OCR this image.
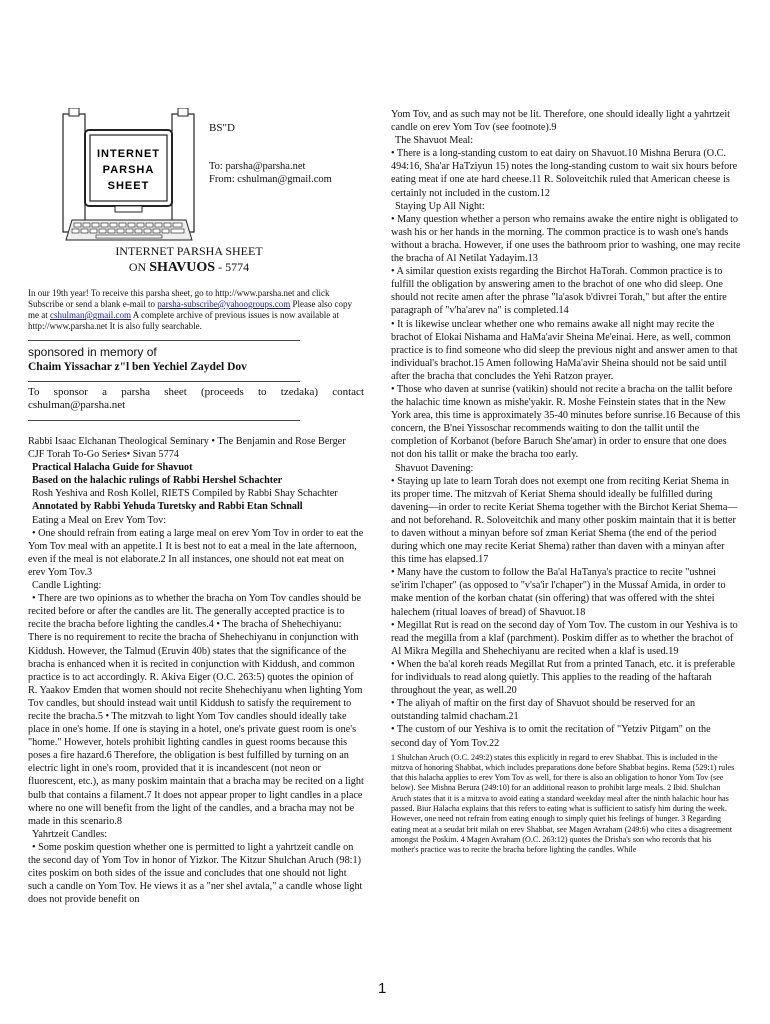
INTERNET
PARSHA
SHEET
BS"D
To: parsha@parsha.net
From: cshulman@gmail.com
INTERNET PARSHA SHEET
ON SHAVUOS - 5774

In our 19th year! To receive this parsha sheet, go to http://www.parsha.net and click Subscribe or send a blank e-mail to parsha-subscribe@yahoogroups.com Please also copy me at cshulman@gmail.com A complete archive of previous issues is now available at http://www.parsha.net It is also fully searchable.

sponsored in memory of

Chaim Yissachar z"l ben Yechiel Zaydel Dov

To sponsor a parsha sheet (proceeds to tzedaka) contact cshulman@parsha.net

Rabbi Isaac Elchanan Theological Seminary • The Benjamin and Rose Berger CJF Torah To-Go Series• Sivan 5774

Practical Halacha Guide for Shavuot

Based on the halachic rulings of Rabbi Hershel Schachter

Rosh Yeshiva and Rosh Kollel, RIETS Compiled by Rabbi Shay Schachter

Annotated by Rabbi Yehuda Turetsky and Rabbi Etan Schnall

Eating a Meal on Erev Yom Tov:

• One should refrain from eating a large meal on erev Yom Tov in order to eat the Yom Tov meal with an appetite.1 It is best not to eat a meal in the late afternoon, even if the meal is not elaborate.2 In all instances, one should not eat meat on erev Yom Tov.3

Candle Lighting:

• There are two opinions as to whether the bracha on Yom Tov candles should be recited before or after the candles are lit. The generally accepted practice is to recite the bracha before lighting the candles.4 • The bracha of Shehechiyanu: There is no requirement to recite the bracha of Shehechiyanu in conjunction with Kiddush. However, the Talmud (Eruvin 40b) states that the significance of the bracha is enhanced when it is recited in conjunction with Kiddush, and common practice is to act accordingly. R. Akiva Eiger (O.C. 263:5) quotes the opinion of R. Yaakov Emden that women should not recite Shehechiyanu when lighting Yom Tov candles, but should instead wait until Kiddush to satisfy the requirement to recite the bracha.5 • The mitzvah to light Yom Tov candles should ideally take place in one's home. If one is staying in a hotel, one's private guest room is one's "home." However, hotels prohibit lighting candles in guest rooms because this poses a fire hazard.6 Therefore, the obligation is best fulfilled by turning on an electric light in one's room, provided that it is incandescent (not neon or fluorescent, etc.), as many poskim maintain that a bracha may be recited on a light bulb that contains a filament.7 It does not appear proper to light candles in a place where no one will benefit from the light of the candles, and a bracha may not be made in this scenario.8

Yahrtzeit Candles:

• Some poskim question whether one is permitted to light a yahrtzeit candle on the second day of Yom Tov in honor of Yizkor. The Kitzur Shulchan Aruch (98:1) cites poskim on both sides of the issue and concludes that one should not light such a candle on Yom Tov. He views it as a "ner shel avtala," a candle whose light does not provide benefit on

Yom Tov, and as such may not be lit. Therefore, one should ideally light a yahrtzeit candle on erev Yom Tov (see footnote).9

The Shavuot Meal:

• There is a long-standing custom to eat dairy on Shavuot.10 Mishna Berura (O.C. 494:16, Sha'ar HaTziyun 15) notes the long-standing custom to wait six hours before eating meat if one ate hard cheese.11 R. Soloveitchik ruled that American cheese is certainly not included in the custom.12

Staying Up All Night:

• Many question whether a person who remains awake the entire night is obligated to wash his or her hands in the morning. The common practice is to wash one's hands without a bracha. However, if one uses the bathroom prior to washing, one may recite the bracha of Al Netilat Yadayim.13

• A similar question exists regarding the Birchot HaTorah. Common practice is to fulfill the obligation by answering amen to the brachot of one who did sleep. One should not recite amen after the phrase "la'asok b'divrei Torah," but after the entire paragraph of "v'ha'arev na" is completed.14

• It is likewise unclear whether one who remains awake all night may recite the brachot of Elokai Nishama and HaMa'avir Sheina Me'einai. Here, as well, common practice is to find someone who did sleep the previous night and answer amen to that individual's brachot.15 Amen following HaMa'avir Sheina should not be said until after the bracha that concludes the Yehi Ratzon prayer.

• Those who daven at sunrise (vatikin) should not recite a bracha on the tallit before the halachic time known as mishe'yakir. R. Moshe Feinstein states that in the New York area, this time is approximately 35-40 minutes before sunrise.16 Because of this concern, the B'nei Yissoschar recommends waiting to don the tallit until the completion of Korbanot (before Baruch She'amar) in order to ensure that one does not don his tallit or make the bracha too early.

Shavuot Davening:

• Staying up late to learn Torah does not exempt one from reciting Keriat Shema in its proper time. The mitzvah of Keriat Shema should ideally be fulfilled during davening—in order to recite Keriat Shema together with the Birchot Keriat Shema—and not beforehand. R. Soloveitchik and many other poskim maintain that it is better to daven without a minyan before sof zman Keriat Shema (the end of the period during which one may recite Keriat Shema) rather than daven with a minyan after this time has elapsed.17

• Many have the custom to follow the Ba'al HaTanya's practice to recite "ushnei se'irim l'chaper" (as opposed to "v'sa'ir l'chaper") in the Mussaf Amida, in order to make mention of the korban chatat (sin offering) that was offered with the shtei halechem (ritual loaves of bread) of Shavuot.18

• Megillat Rut is read on the second day of Yom Tov. The custom in our Yeshiva is to read the megilla from a klaf (parchment). Poskim differ as to whether the brachot of Al Mikra Megilla and Shehechiyanu are recited when a klaf is used.19

• When the ba'al koreh reads Megillat Rut from a printed Tanach, etc. it is preferable for individuals to read along quietly. This applies to the reading of the haftarah throughout the year, as well.20

• The aliyah of maftir on the first day of Shavuot should be reserved for an outstanding talmid chacham.21

• The custom of our Yeshiva is to omit the recitation of "Yetziv Pitgam" on the second day of Yom Tov.22

1 Shulchan Aruch (O.C. 249:2) states this explicitly in regard to erev Shabbat. This is included in the mitzva of honoring Shabbat, which includes preparations done before Shabbat begins. Rema (529:1) rules that this halacha applies to erev Yom Tov as well, for there is also an obligation to honor Yom Tov (see below). See Mishna Berura (249:10) for an additional reason to prohibit large meals. 2 Ibid. Shulchan Aruch states that it is a mitzva to avoid eating a standard weekday meal after the ninth halachic hour has passed. Biur Halacha explains that this refers to eating what is sufficient to satisfy him during the week. However, one need not refrain from eating enough to simply quiet his feelings of hunger. 3 Regarding eating meat at a seudat brit milah on erev Shabbat, see Magen Avraham (249:6) who cites a disagreement amongst the Poskim. 4 Magen Avraham (O.C. 263:12) quotes the Drisha's son who records that his mother's practice was to recite the bracha before lighting the candles. While

1
